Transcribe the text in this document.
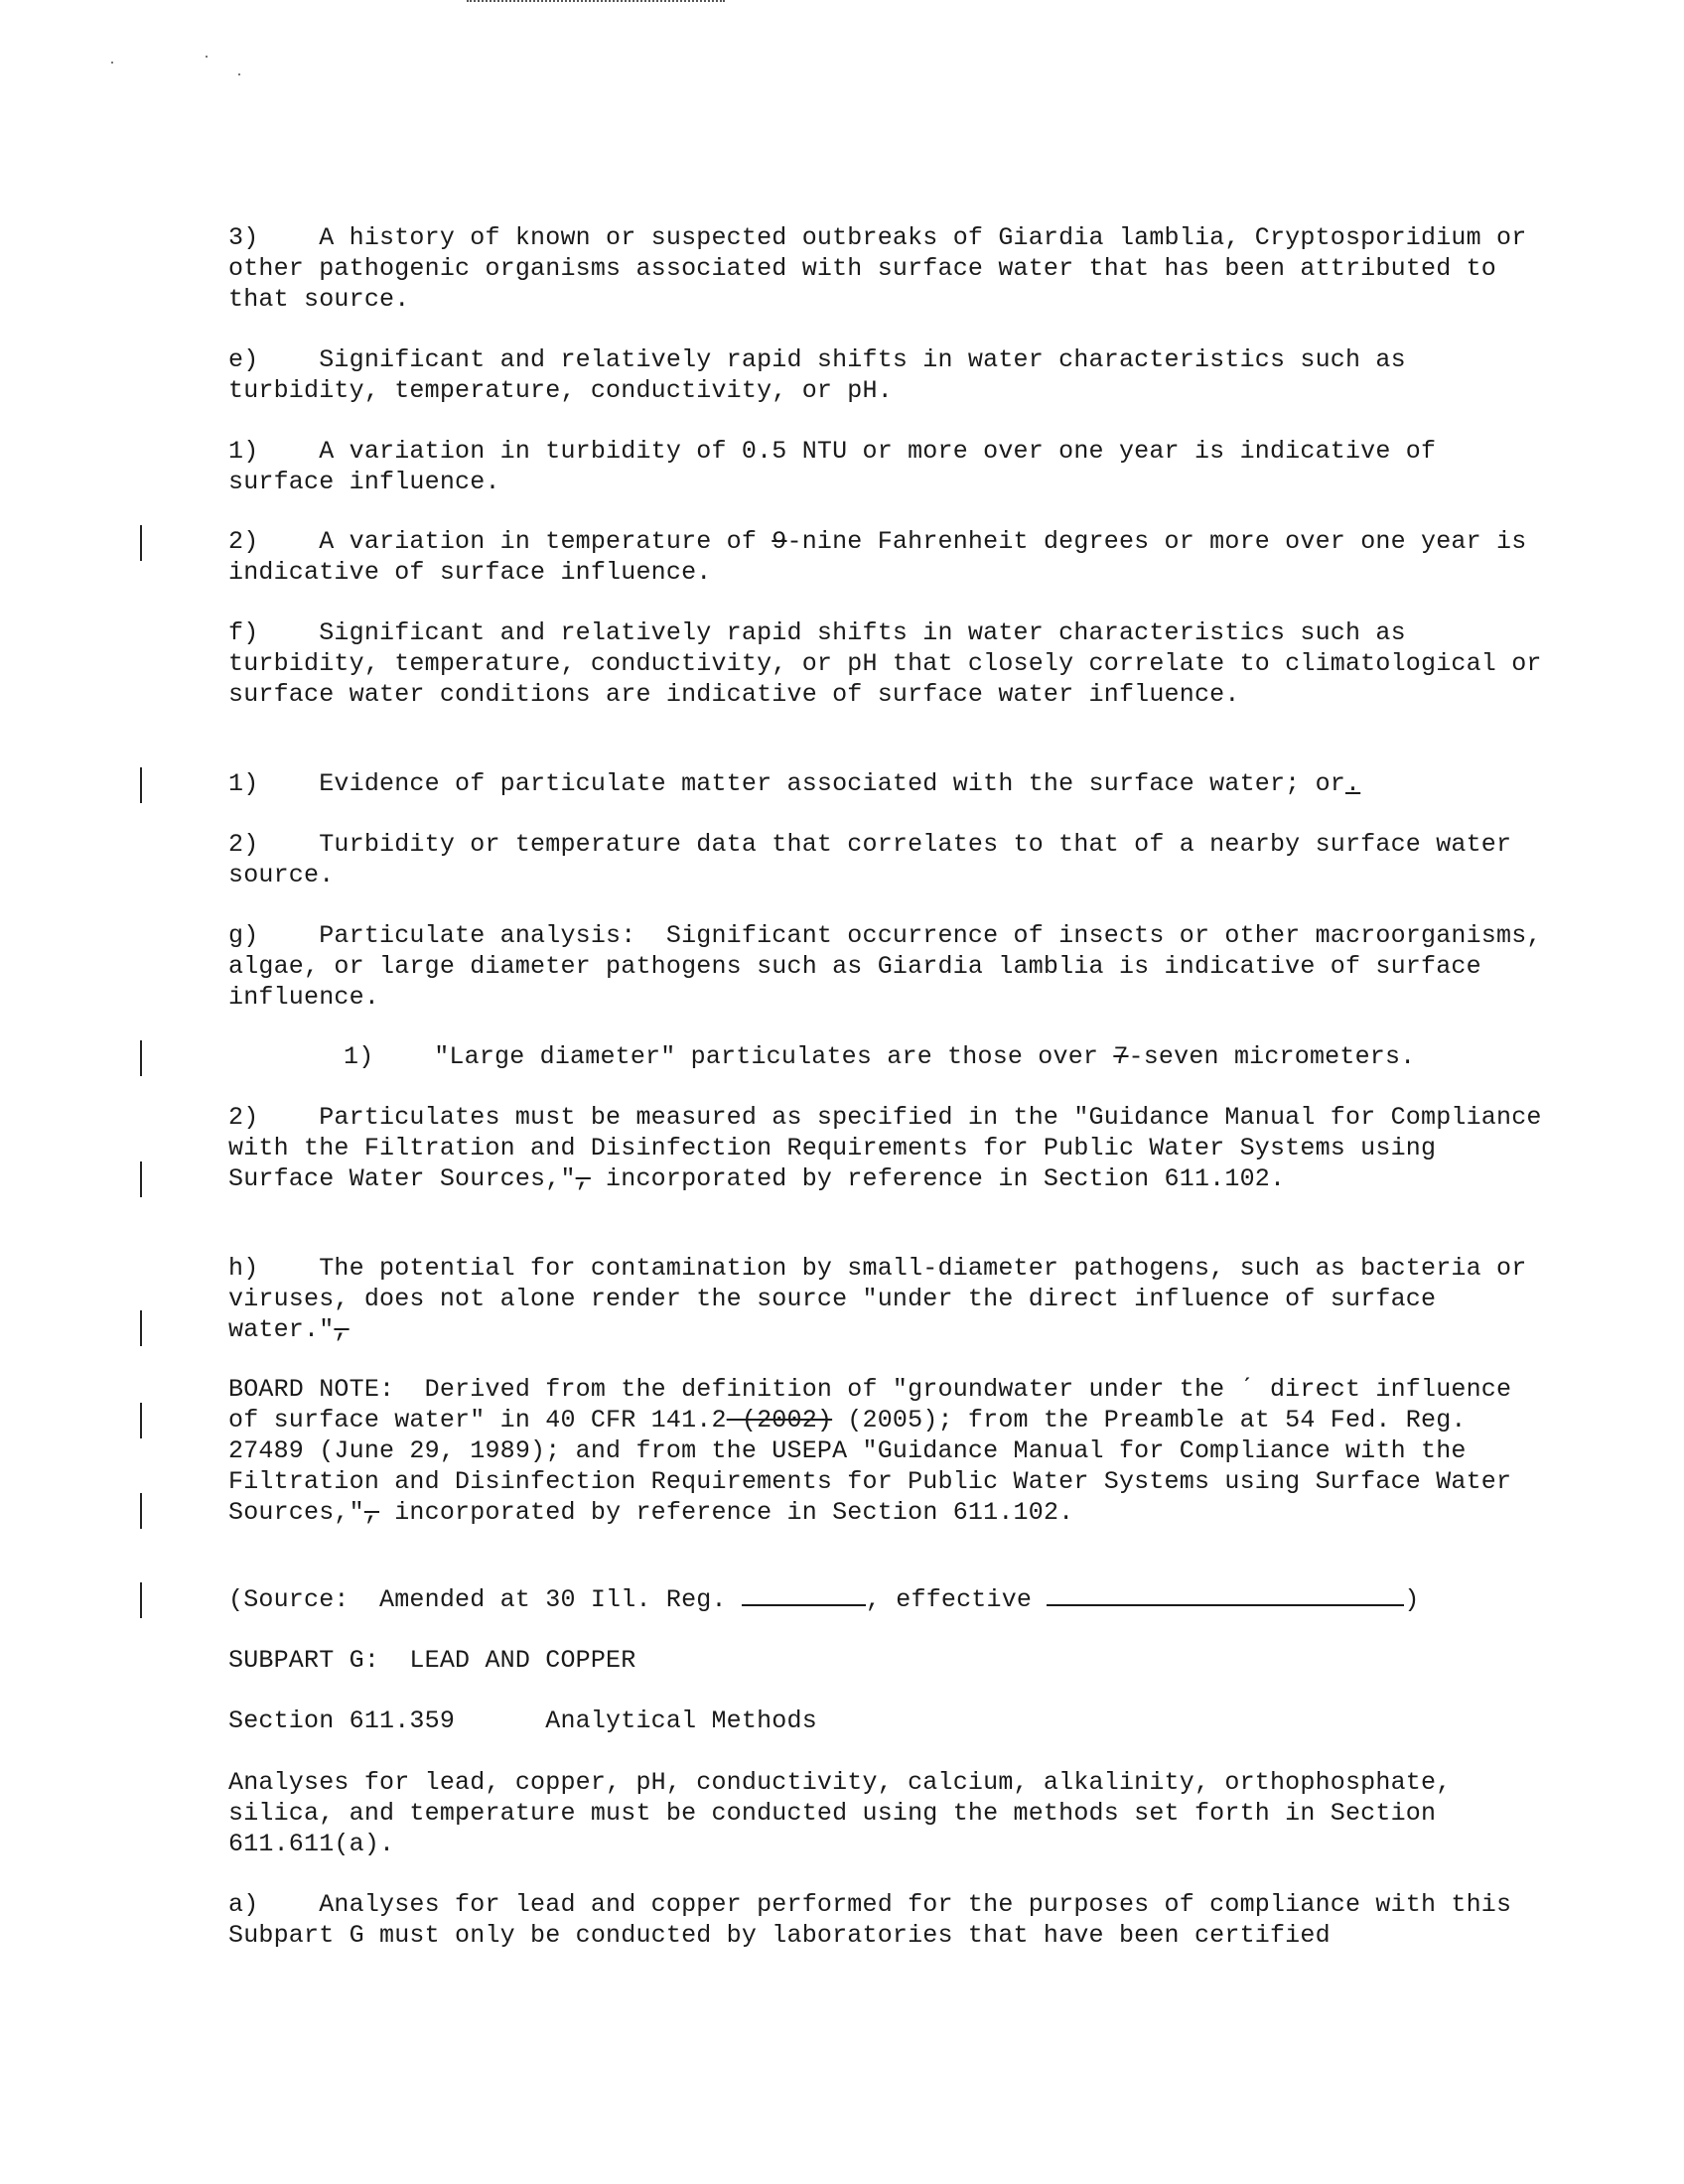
3)    A history of known or suspected outbreaks of Giardia lamblia, Cryptosporidium or other pathogenic organisms associated with surface water that has been attributed to that source.

e)    Significant and relatively rapid shifts in water characteristics such as turbidity, temperature, conductivity, or pH.

1)    A variation in turbidity of 0.5 NTU or more over one year is indicative of surface influence.

2)    A variation in temperature of 9-nine Fahrenheit degrees or more over one year is indicative of surface influence.

f)    Significant and relatively rapid shifts in water characteristics such as turbidity, temperature, conductivity, or pH that closely correlate to climatological or surface water conditions are indicative of surface water influence.

1)    Evidence of particulate matter associated with the surface water; or.

2)    Turbidity or temperature data that correlates to that of a nearby surface water source.

g)    Particulate analysis:  Significant occurrence of insects or other macroorganisms, algae, or large diameter pathogens such as Giardia lamblia is indicative of surface influence.

1)    "Large diameter" particulates are those over 7-seven micrometers.

2)    Particulates must be measured as specified in the "Guidance Manual for Compliance with the Filtration and Disinfection Requirements for Public Water Systems using Surface Water Sources,", incorporated by reference in Section 611.102.

h)    The potential for contamination by small-diameter pathogens, such as bacteria or viruses, does not alone render the source "under the direct influence of surface water.",

BOARD NOTE:  Derived from the definition of "groundwater under the ˊ direct influence of surface water" in 40 CFR 141.2 (2002) (2005); from the Preamble at 54 Fed. Reg. 27489 (June 29, 1989); and from the USEPA "Guidance Manual for Compliance with the Filtration and Disinfection Requirements for Public Water Systems using Surface Water Sources,", incorporated by reference in Section 611.102.

(Source:  Amended at 30 Ill. Reg.	, effective	)

SUBPART G:  LEAD AND COPPER

Section 611.359      Analytical Methods

Analyses for lead, copper, pH, conductivity, calcium, alkalinity, orthophosphate, silica, and temperature must be conducted using the methods set forth in Section 611.611(a).

a)    Analyses for lead and copper performed for the purposes of compliance with this Subpart G must only be conducted by laboratories that have been certified
